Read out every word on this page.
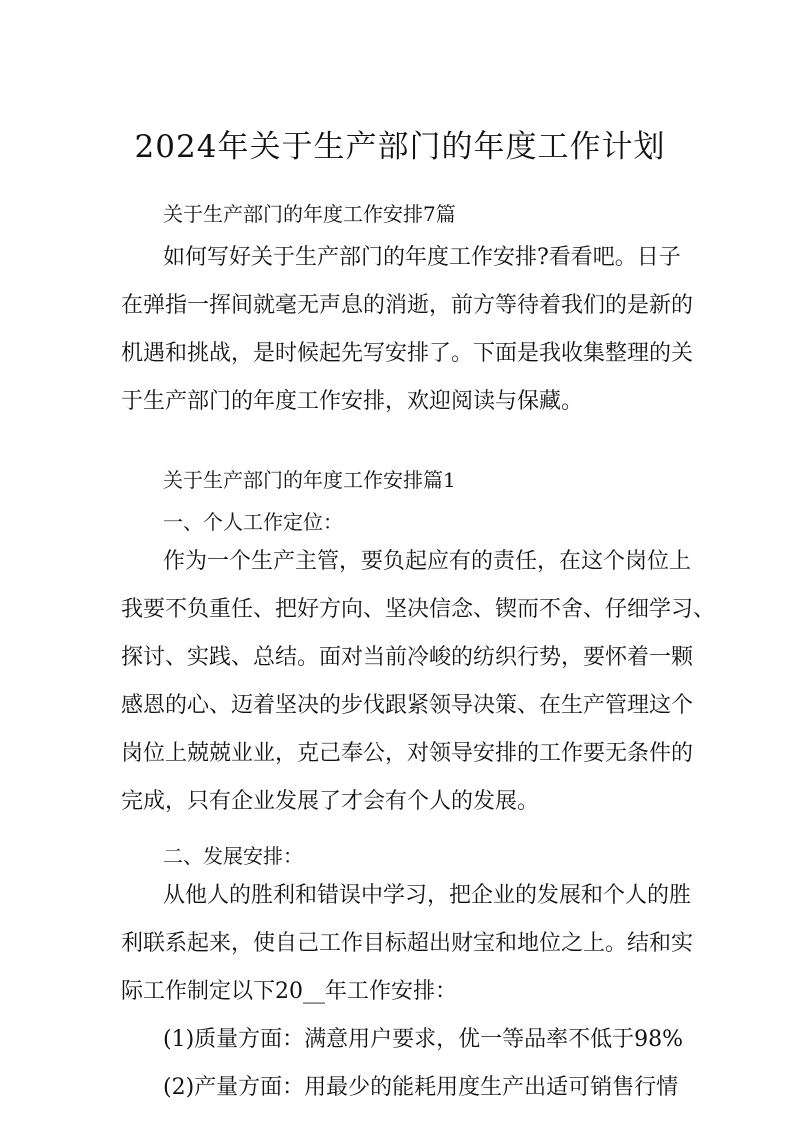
2024年关于生产部门的年度工作计划
关于生产部门的年度工作安排7篇
如何写好关于生产部门的年度工作安排?看看吧。日子
在弹指一挥间就毫无声息的消逝，前方等待着我们的是新的
机遇和挑战，是时候起先写安排了。下面是我收集整理的关
于生产部门的年度工作安排，欢迎阅读与保藏。
关于生产部门的年度工作安排篇1
一、个人工作定位：
作为一个生产主管，要负起应有的责任，在这个岗位上
我要不负重任、把好方向、坚决信念、锲而不舍、仔细学习、
探讨、实践、总结。面对当前冷峻的纺织行势，要怀着一颗
感恩的心、迈着坚决的步伐跟紧领导决策、在生产管理这个
岗位上兢兢业业，克己奉公，对领导安排的工作要无条件的
完成，只有企业发展了才会有个人的发展。
二、发展安排：
从他人的胜利和错误中学习，把企业的发展和个人的胜
利联系起来，使自己工作目标超出财宝和地位之上。结和实
际工作制定以下20__年工作安排：
(1)质量方面：满意用户要求，优一等品率不低于98%
(2)产量方面：用最少的能耗用度生产出适可销售行情
